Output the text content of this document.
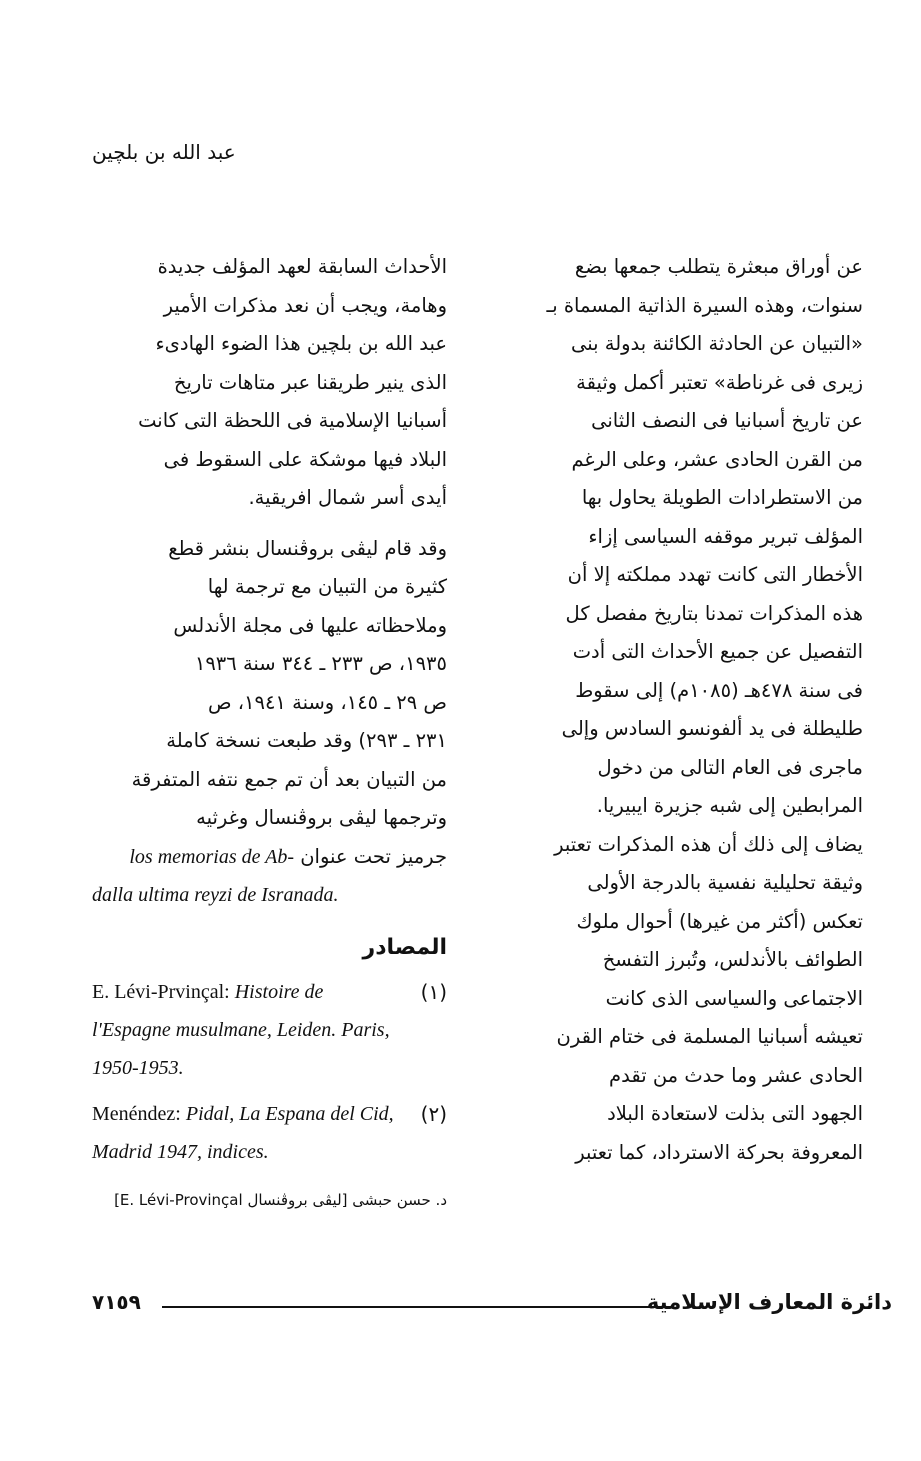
عبد الله بن بلچين
عن أوراق مبعثرة يتطلب جمعها بضع
سنوات، وهذه السيرة الذاتية المسماة بـ
«التبيان عن الحادثة الكائنة بدولة بنى
زيرى فى غرناطة» تعتبر أكمل وثيقة
عن تاريخ أسبانيا فى النصف الثانى
من القرن الحادى عشر، وعلى الرغم
من الاستطرادات الطويلة يحاول بها
المؤلف تبرير موقفه السياسى إزاء
الأخطار التى كانت تهدد مملكته إلا أن
هذه المذكرات تمدنا بتاريخ مفصل كل
التفصيل عن جميع الأحداث التى أدت
فى سنة ٤٧٨هـ (١٠٨٥م) إلى سقوط
طليطلة فى يد ألفونسو السادس وإلى
ماجرى فى العام التالى من دخول
المرابطين إلى شبه جزيرة ايبيريا.
يضاف إلى ذلك أن هذه المذكرات تعتبر
وثيقة تحليلية نفسية بالدرجة الأولى
تعكس (أكثر من غيرها) أحوال ملوك
الطوائف بالأندلس، وتُبرز التفسخ
الاجتماعى والسياسى الذى كانت
تعيشه أسبانيا المسلمة فى ختام القرن
الحادى عشر وما حدث من تقدم
الجهود التى بذلت لاستعادة البلاد
المعروفة بحركة الاسترداد، كما تعتبر
الأحداث السابقة لعهد المؤلف جديدة
وهامة، ويجب أن نعد مذكرات الأمير
عبد الله بن بلچين هذا الضوء الهادىء
الذى ينير طريقنا عبر متاهات تاريخ
أسبانيا الإسلامية فى اللحظة التى كانت
البلاد فيها موشكة على السقوط فى
أيدى أسر شمال افريقية.
وقد قام ليڤى بروڤنسال بنشر قطع
كثيرة من التبيان مع ترجمة لها
وملاحظاته عليها فى مجلة الأندلس
١٩٣٥، ص ٢٣٣ ـ ٣٤٤ سنة ١٩٣٦
ص ٢٩ ـ ١٤٥، وسنة ١٩٤١، ص
٢٣١ ـ ٢٩٣) وقد طبعت نسخة كاملة
من التبيان بعد أن تم جمع نتفه المتفرقة
وترجمها ليڤى بروڤنسال وغرثيه
جرميز تحت عنوان los memorias de Ab-
dalla ultima reyzi de Isranada.
المصادر
(١)
E. Lévi-Prvinçal: Histoire de l'Espagne musulmane, Leiden. Paris, 1950-1953.
(٢)
Menéndez: Pidal, La Espana del Cid, Madrid 1947, indices.
د. حسن حبشى [ليڤى بروڤنسال E. Lévi-Provinçal]
دائرة المعارف الإسلامية
٧١٥٩
